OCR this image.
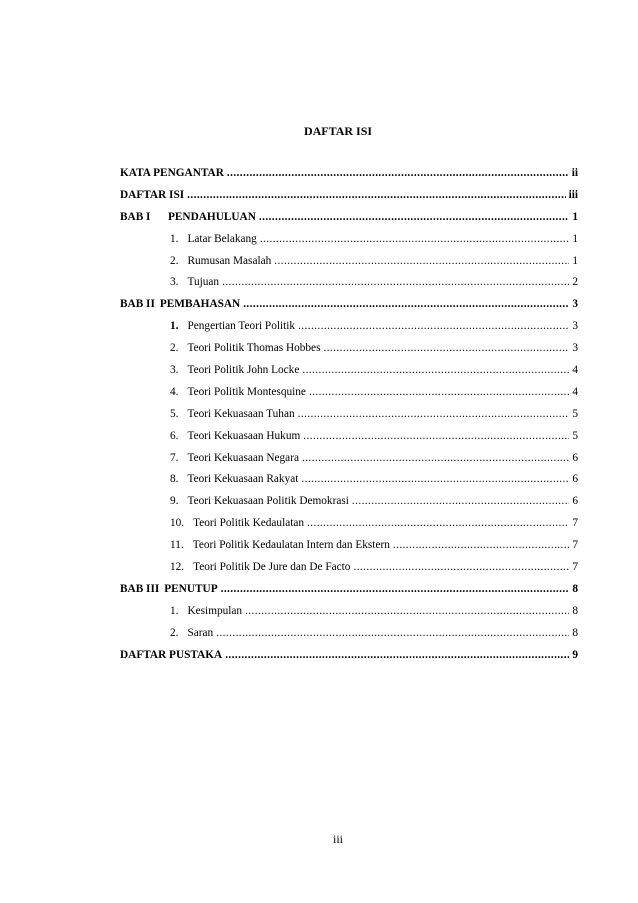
DAFTAR ISI
KATA PENGANTAR .....	ii
DAFTAR ISI .....	iii
BAB I PENDAHULUAN .....	1
1. Latar Belakang .....	1
2. Rumusan Masalah .....	1
3. Tujuan .....	2
BAB II PEMBAHASAN .....	3
1. Pengertian Teori Politik .....	3
2. Teori Politik Thomas Hobbes .....	3
3. Teori Politik John Locke .....	4
4. Teori Politik Montesquine .....	4
5. Teori Kekuasaan Tuhan .....	5
6. Teori Kekuasaan Hukum .....	5
7. Teori Kekuasaan Negara .....	6
8. Teori Kekuasaan Rakyat .....	6
9. Teori Kekuasaan Politik Demokrasi .....	6
10. Teori Politik Kedaulatan .....	7
11. Teori Politik Kedaulatan Intern dan Ekstern .....	7
12. Teori Politik De Jure dan De Facto .....	7
BAB III PENUTUP .....	8
1. Kesimpulan .....	8
2. Saran .....	8
DAFTAR PUSTAKA .....	9
iii
